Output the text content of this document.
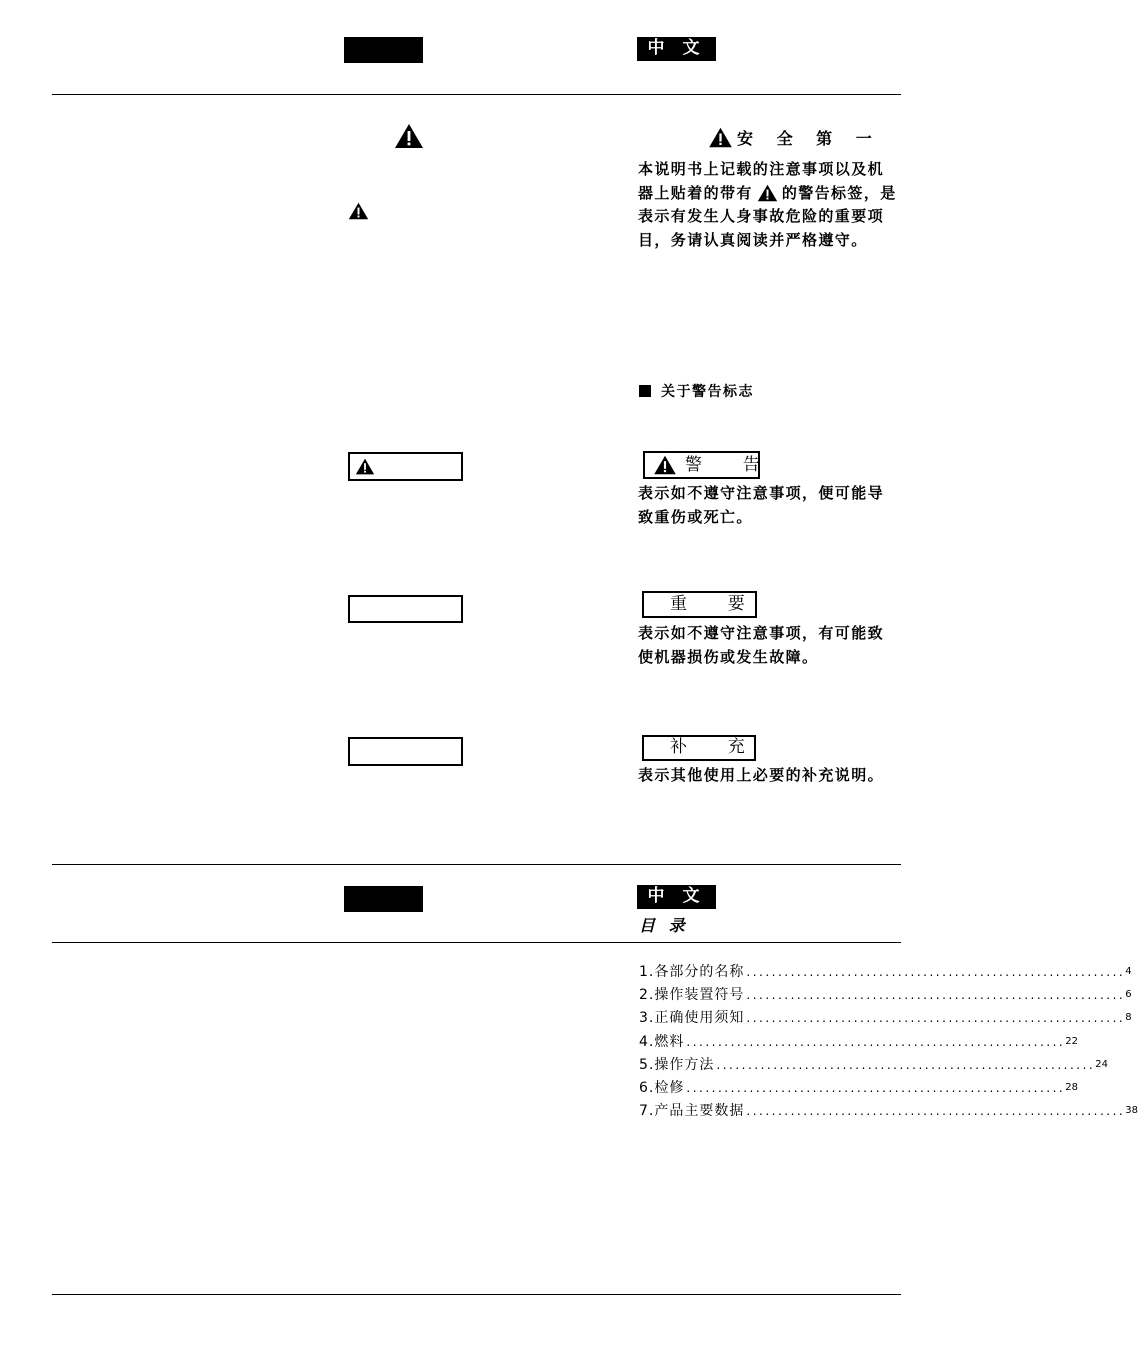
中 文
安 全 第 一
本说明书上记载的注意事项以及机
器上贴着的带有 的警告标签，是
表示有发生人身事故危险的重要项
目，务请认真阅读并严格遵守。
关于警告标志
警  告
表示如不遵守注意事项，便可能导
致重伤或死亡。
重  要
表示如不遵守注意事项，有可能致
使机器损伤或发生故障。
补  充
表示其他使用上必要的补充说明。
中 文
目 录
1.各部分的名称 ............................................................ 4
2.操作装置符号 ............................................................ 6
3.正确使用须知 ............................................................ 8
4.燃料 ............................................................ 22
5.操作方法 ............................................................ 24
6.检修 ............................................................ 28
7.产品主要数据 ............................................................ 38
